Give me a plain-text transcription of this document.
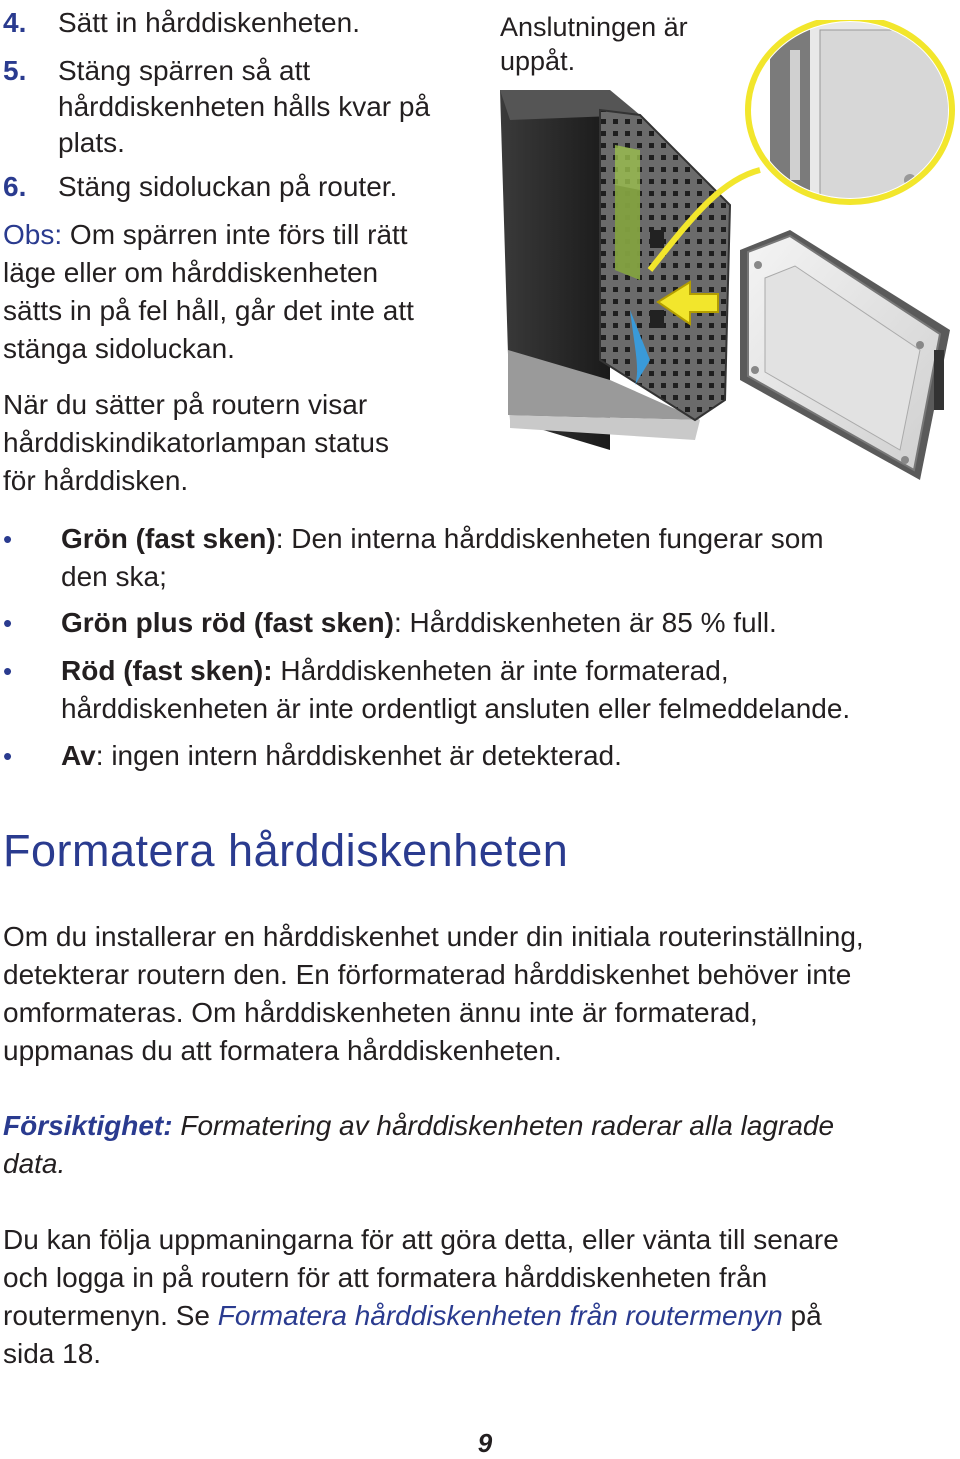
4. Sätt in hårddiskenheten.
5. Stäng spärren så att
hårddiskenheten hålls kvar på
plats.
6. Stäng sidoluckan på router.
Obs: Om spärren inte förs till rätt
läge eller om hårddiskenheten
sätts in på fel håll, går det inte att
stänga sidoluckan.
När du sätter på routern visar
hårddiskindikatorlampan status
för hårddisken.
Anslutningen är
uppåt.
• Grön (fast sken): Den interna hårddiskenheten fungerar som
den ska;
• Grön plus röd (fast sken): Hårddiskenheten är 85 % full.
• Röd (fast sken): Hårddiskenheten är inte formaterad,
hårddiskenheten är inte ordentligt ansluten eller felmeddelande.
• Av: ingen intern hårddiskenhet är detekterad.
Formatera hårddiskenheten
Om du installerar en hårddiskenhet under din initiala routerinställning,
detekterar routern den. En förformaterad hårddiskenhet behöver inte
omformateras. Om hårddiskenheten ännu inte är formaterad,
uppmanas du att formatera hårddiskenheten.
Försiktighet: Formatering av hårddiskenheten raderar alla lagrade
data.
Du kan följa uppmaningarna för att göra detta, eller vänta till senare
och logga in på routern för att formatera hårddiskenheten från
routermenyn. Se Formatera hårddiskenheten från routermenyn på
sida 18.
9
